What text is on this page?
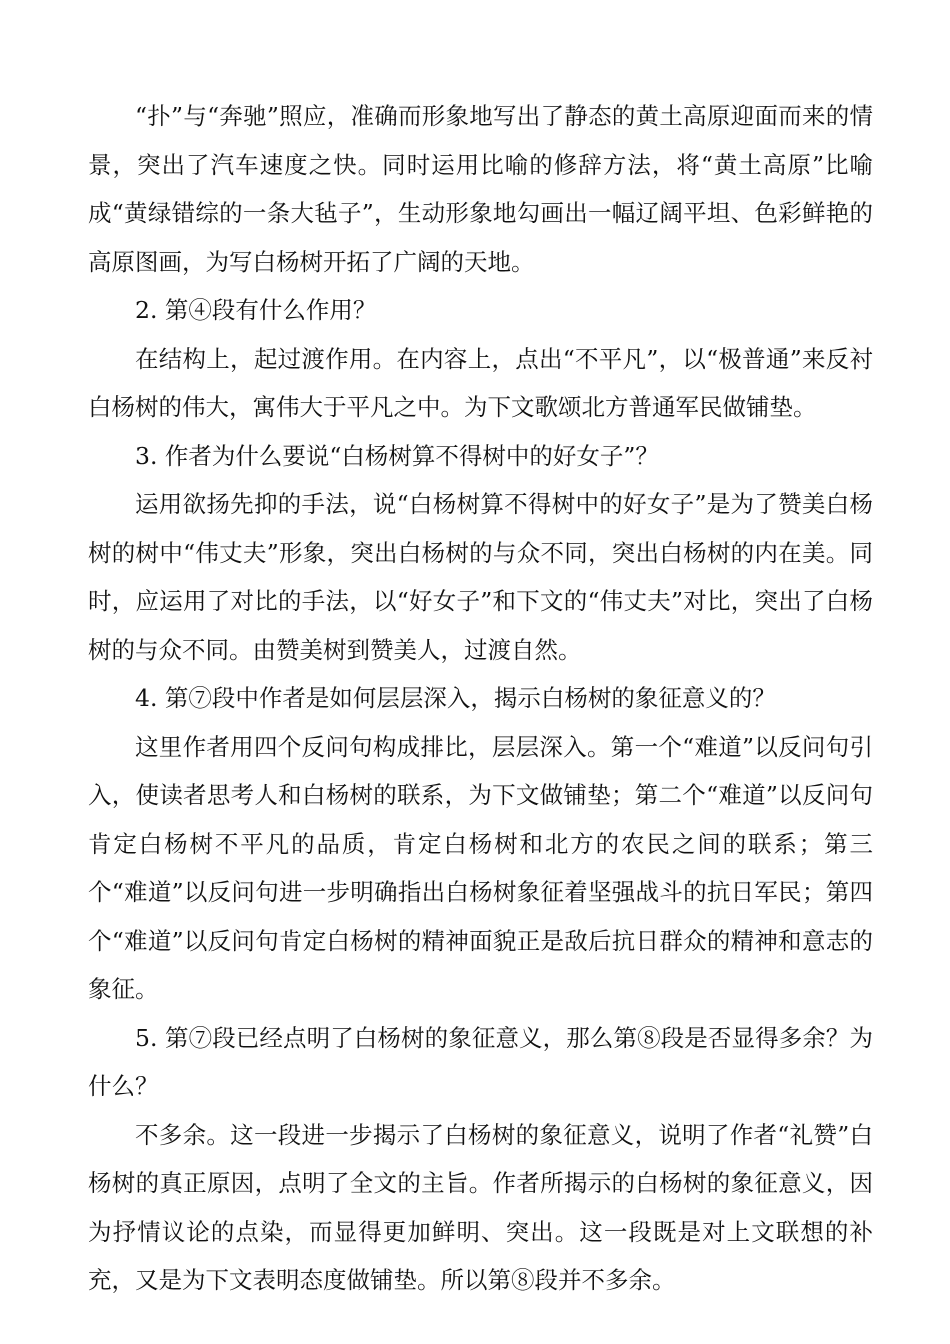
“扑”与“奔驰”照应，准确而形象地写出了静态的黄土高原迎面而来的情景，突出了汽车速度之快。同时运用比喻的修辞方法，将“黄土高原”比喻成“黄绿错综的一条大毡子”，生动形象地勾画出一幅辽阔平坦、色彩鲜艳的高原图画，为写白杨树开拓了广阔的天地。

2. 第④段有什么作用？

在结构上，起过渡作用。在内容上，点出“不平凡”，以“极普通”来反衬白杨树的伟大，寓伟大于平凡之中。为下文歌颂北方普通军民做铺垫。

3. 作者为什么要说“白杨树算不得树中的好女子”？

运用欲扬先抑的手法，说“白杨树算不得树中的好女子”是为了赞美白杨树的树中“伟丈夫”形象，突出白杨树的与众不同，突出白杨树的内在美。同时，应运用了对比的手法，以“好女子”和下文的“伟丈夫”对比，突出了白杨树的与众不同。由赞美树到赞美人，过渡自然。

4. 第⑦段中作者是如何层层深入，揭示白杨树的象征意义的？

这里作者用四个反问句构成排比，层层深入。第一个“难道”以反问句引入，使读者思考人和白杨树的联系，为下文做铺垫；第二个“难道”以反问句肯定白杨树不平凡的品质，肯定白杨树和北方的农民之间的联系；第三个“难道”以反问句进一步明确指出白杨树象征着坚强战斗的抗日军民；第四个“难道”以反问句肯定白杨树的精神面貌正是敌后抗日群众的精神和意志的象征。

5. 第⑦段已经点明了白杨树的象征意义，那么第⑧段是否显得多余？为什么？

不多余。这一段进一步揭示了白杨树的象征意义，说明了作者“礼赞”白杨树的真正原因，点明了全文的主旨。作者所揭示的白杨树的象征意义，因为抒情议论的点染，而显得更加鲜明、突出。这一段既是对上文联想的补充，又是为下文表明态度做铺垫。所以第⑧段并不多余。
